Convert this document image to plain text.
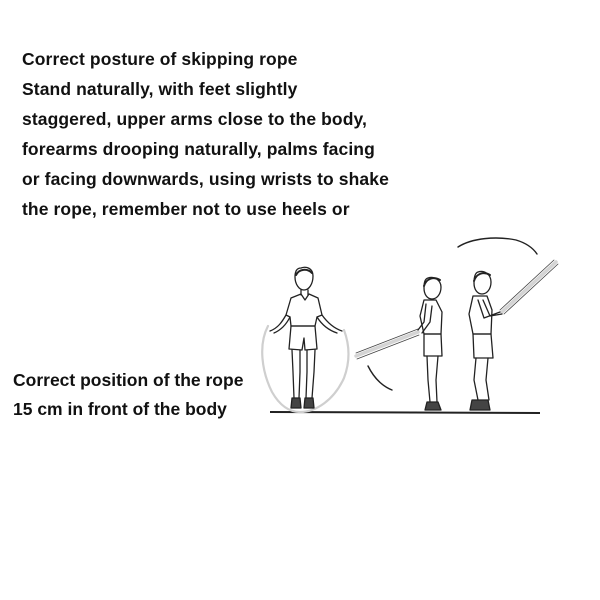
Correct posture of skipping rope
Stand naturally, with feet slightly
staggered, upper arms close to the body,
forearms drooping naturally, palms facing
or facing downwards, using wrists to shake
the rope, remember not to use heels or
Correct position of the rope
15 cm in front of the body
